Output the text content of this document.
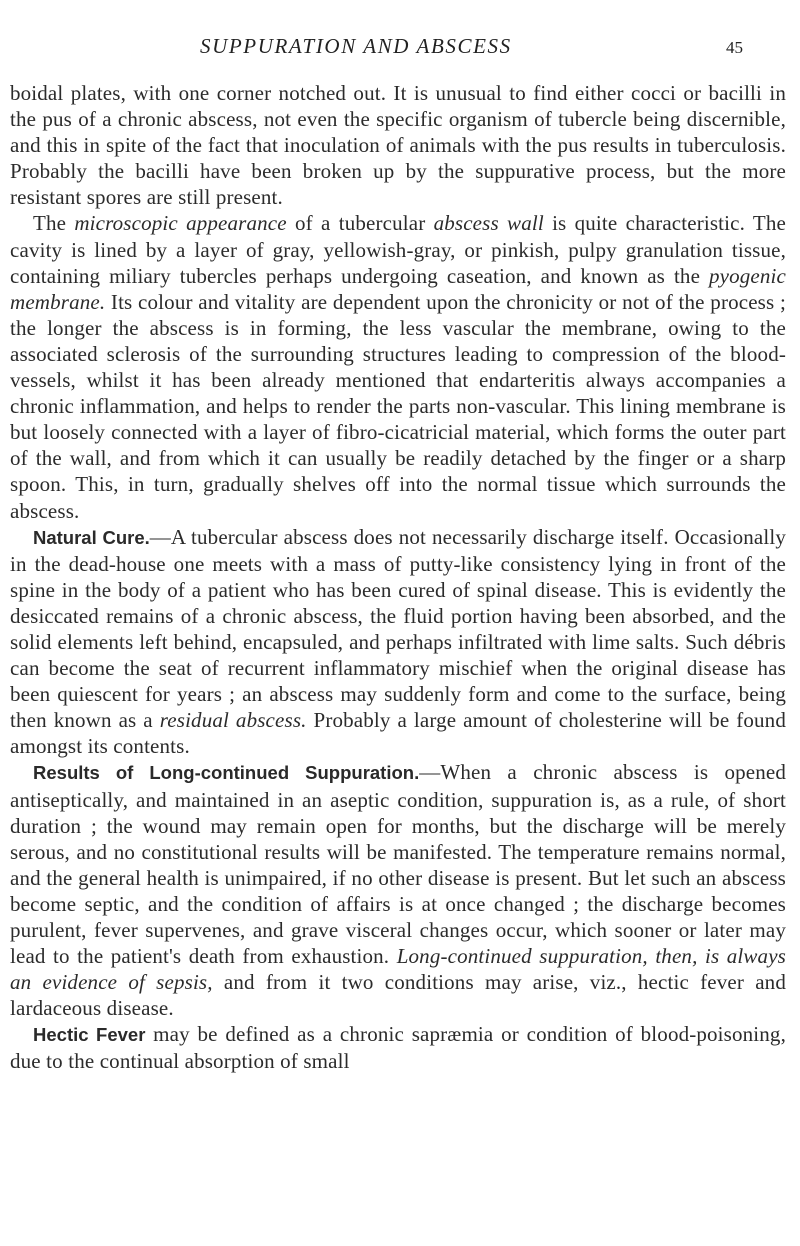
SUPPURATION AND ABSCESS	45

boidal plates, with one corner notched out. It is unusual to find either cocci or bacilli in the pus of a chronic abscess, not even the specific organism of tubercle being discernible, and this in spite of the fact that inoculation of animals with the pus results in tuberculosis. Probably the bacilli have been broken up by the suppurative process, but the more resistant spores are still present.

The microscopic appearance of a tubercular abscess wall is quite characteristic. The cavity is lined by a layer of gray, yellowish-gray, or pinkish, pulpy granulation tissue, containing miliary tubercles perhaps undergoing caseation, and known as the pyogenic membrane. Its colour and vitality are dependent upon the chronicity or not of the process ; the longer the abscess is in forming, the less vascular the membrane, owing to the associated sclerosis of the surrounding structures leading to compression of the blood-vessels, whilst it has been already mentioned that endarteritis always accompanies a chronic inflammation, and helps to render the parts non-vascular. This lining membrane is but loosely connected with a layer of fibro-cicatricial material, which forms the outer part of the wall, and from which it can usually be readily detached by the finger or a sharp spoon. This, in turn, gradually shelves off into the normal tissue which surrounds the abscess.

Natural Cure.—A tubercular abscess does not necessarily discharge itself. Occasionally in the dead-house one meets with a mass of putty-like consistency lying in front of the spine in the body of a patient who has been cured of spinal disease. This is evidently the desiccated remains of a chronic abscess, the fluid portion having been absorbed, and the solid elements left behind, encapsuled, and perhaps infiltrated with lime salts. Such débris can become the seat of recurrent inflammatory mischief when the original disease has been quiescent for years ; an abscess may suddenly form and come to the surface, being then known as a residual abscess. Probably a large amount of cholesterine will be found amongst its contents.

Results of Long-continued Suppuration.—When a chronic abscess is opened antiseptically, and maintained in an aseptic condition, suppuration is, as a rule, of short duration ; the wound may remain open for months, but the discharge will be merely serous, and no constitutional results will be manifested. The temperature remains normal, and the general health is unimpaired, if no other disease is present. But let such an abscess become septic, and the condition of affairs is at once changed ; the discharge becomes purulent, fever supervenes, and grave visceral changes occur, which sooner or later may lead to the patient's death from exhaustion. Long-continued suppuration, then, is always an evidence of sepsis, and from it two conditions may arise, viz., hectic fever and lardaceous disease.

Hectic Fever may be defined as a chronic sapræmia or condition of blood-poisoning, due to the continual absorption of small
